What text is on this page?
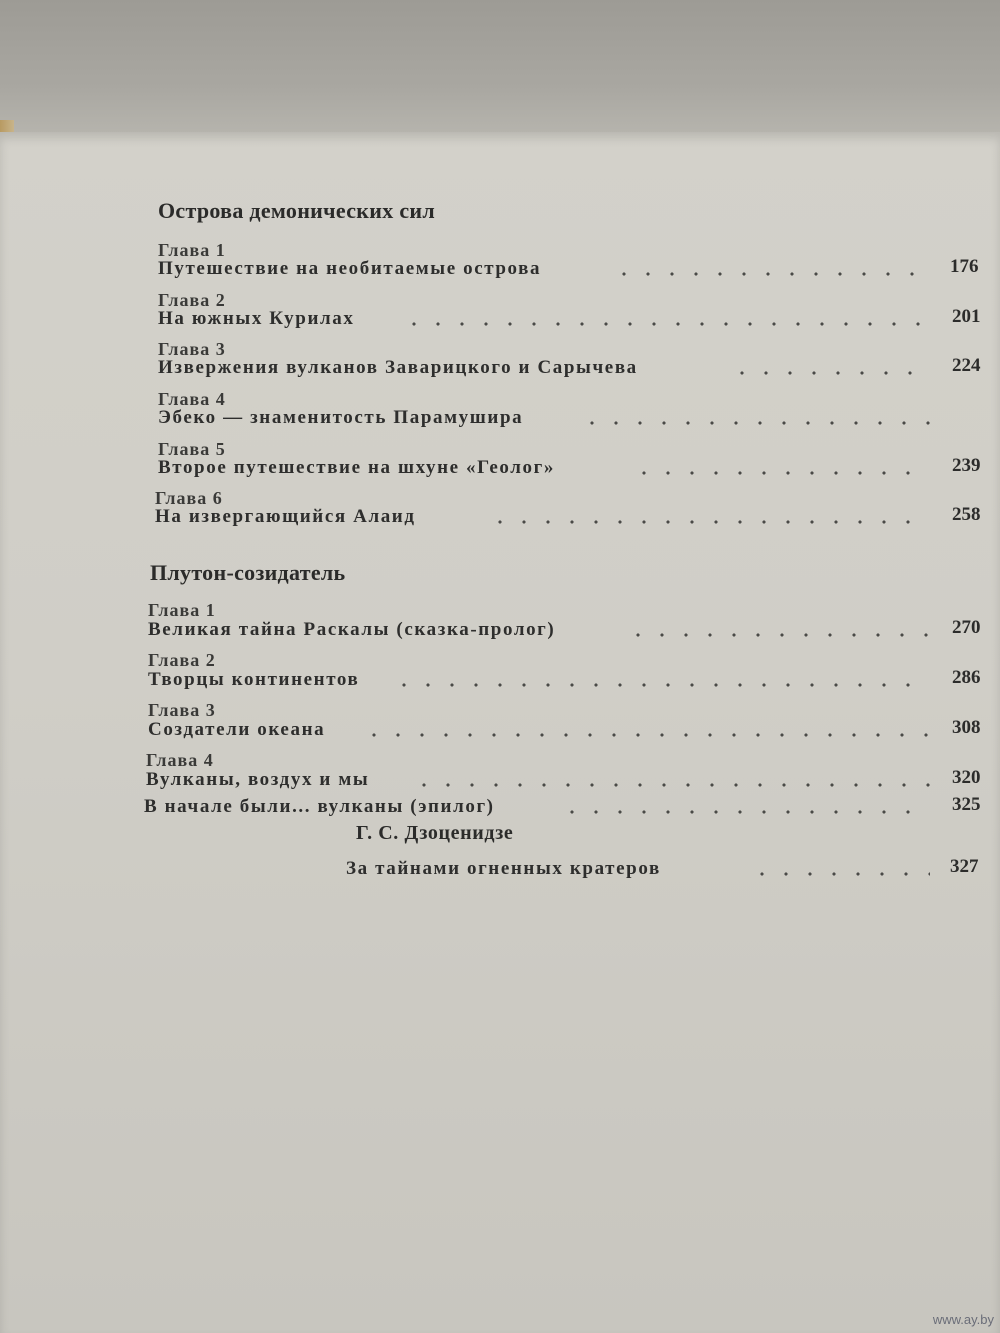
Острова демонических сил
Глава 1
Путешествие на необитаемые острова	176
Глава 2
На южных Курилах	201
Глава 3
Извержения вулканов Заварицкого и Сарычева	224
Глава 4
Эбеко — знаменитость Парамушира
Глава 5
Второе путешествие на шхуне «Геолог»	239
Глава 6
На извергающийся Алаид	258
Плутон-созидатель
Глава 1
Великая тайна Раскалы (сказка-пролог)	270
Глава 2
Творцы континентов	286
Глава 3
Создатели океана	308
Глава 4
Вулканы, воздух и мы	320
В начале были... вулканы (эпилог)	325
Г. С. Дзоценидзе
За тайнами огненных кратеров	327
www.ay.by
